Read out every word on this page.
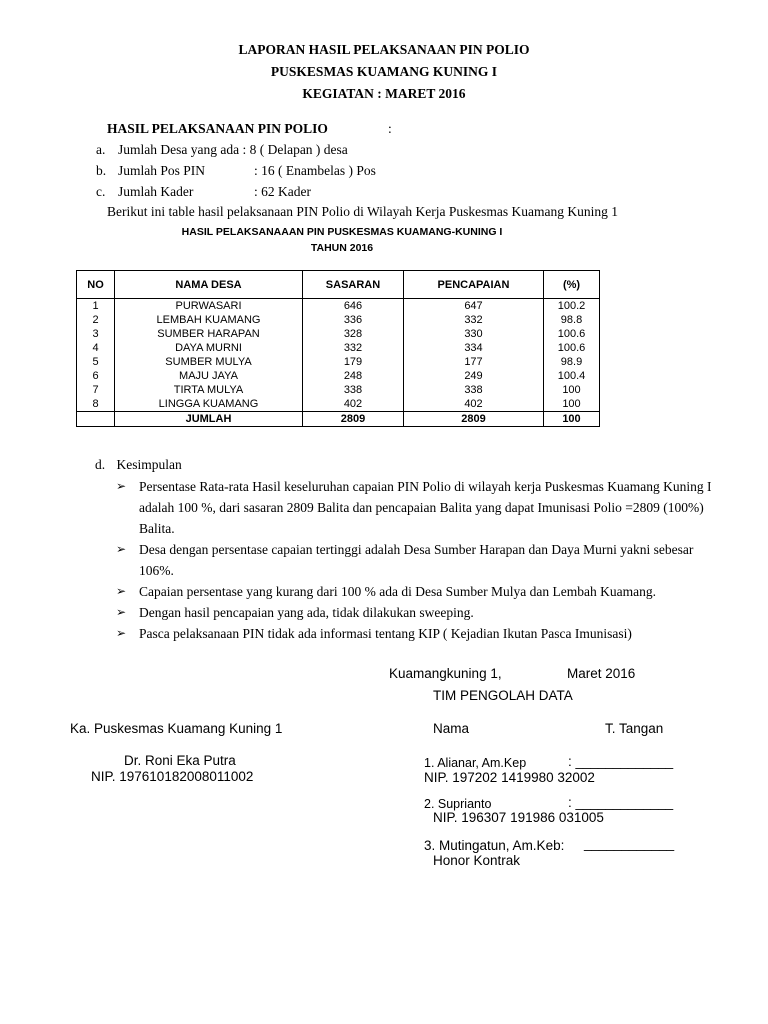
LAPORAN HASIL PELAKSANAAN PIN POLIO
PUSKESMAS KUAMANG KUNING I
KEGIATAN : MARET 2016
HASIL PELAKSANAAN PIN POLIO	:
a. Jumlah Desa yang ada : 8 ( Delapan ) desa
b. Jumlah Pos PIN	: 16 ( Enambelas ) Pos
c. Jumlah Kader	: 62 Kader
Berikut ini table hasil pelaksanaan PIN Polio di Wilayah Kerja Puskesmas Kuamang Kuning 1
HASIL PELAKSANAAAN PIN PUSKESMAS KUAMANG-KUNING I
TAHUN 2016
NO	NAMA DESA	SASARAN	PENCAPAIAN	(%)
1	PURWASARI	646	647	100.2
2	LEMBAH KUAMANG	336	332	98.8
3	SUMBER HARAPAN	328	330	100.6
4	DAYA MURNI	332	334	100.6
5	SUMBER MULYA	179	177	98.9
6	MAJU JAYA	248	249	100.4
7	TIRTA MULYA	338	338	100
8	LINGGA KUAMANG	402	402	100
	JUMLAH	2809	2809	100
d. Kesimpulan
➢ Persentase Rata-rata Hasil keseluruhan capaian PIN Polio di wilayah kerja Puskesmas Kuamang Kuning I adalah 100 %, dari sasaran 2809 Balita dan pencapaian Balita yang dapat Imunisasi Polio =2809 (100%) Balita.
➢ Desa dengan persentase capaian tertinggi adalah Desa Sumber Harapan dan Daya Murni yakni sebesar 106%.
➢ Capaian persentase yang kurang dari 100 % ada di Desa Sumber Mulya dan Lembah Kuamang.
➢ Dengan hasil pencapaian yang ada, tidak dilakukan sweeping.
➢ Pasca pelaksanaan PIN tidak ada informasi tentang KIP ( Kejadian Ikutan Pasca Imunisasi)
Kuamangkuning 1,	Maret 2016
TIM PENGOLAH DATA
Ka. Puskesmas Kuamang Kuning 1	Nama	T. Tangan
Dr. Roni Eka Putra
NIP. 197610182008011002
1. Alianar, Am.Kep	: _____________
NIP. 197202 1419980 32002
2. Suprianto	: _____________
NIP. 196307 191986 031005
3. Mutingatun, Am.Keb: ____________
Honor Kontrak
